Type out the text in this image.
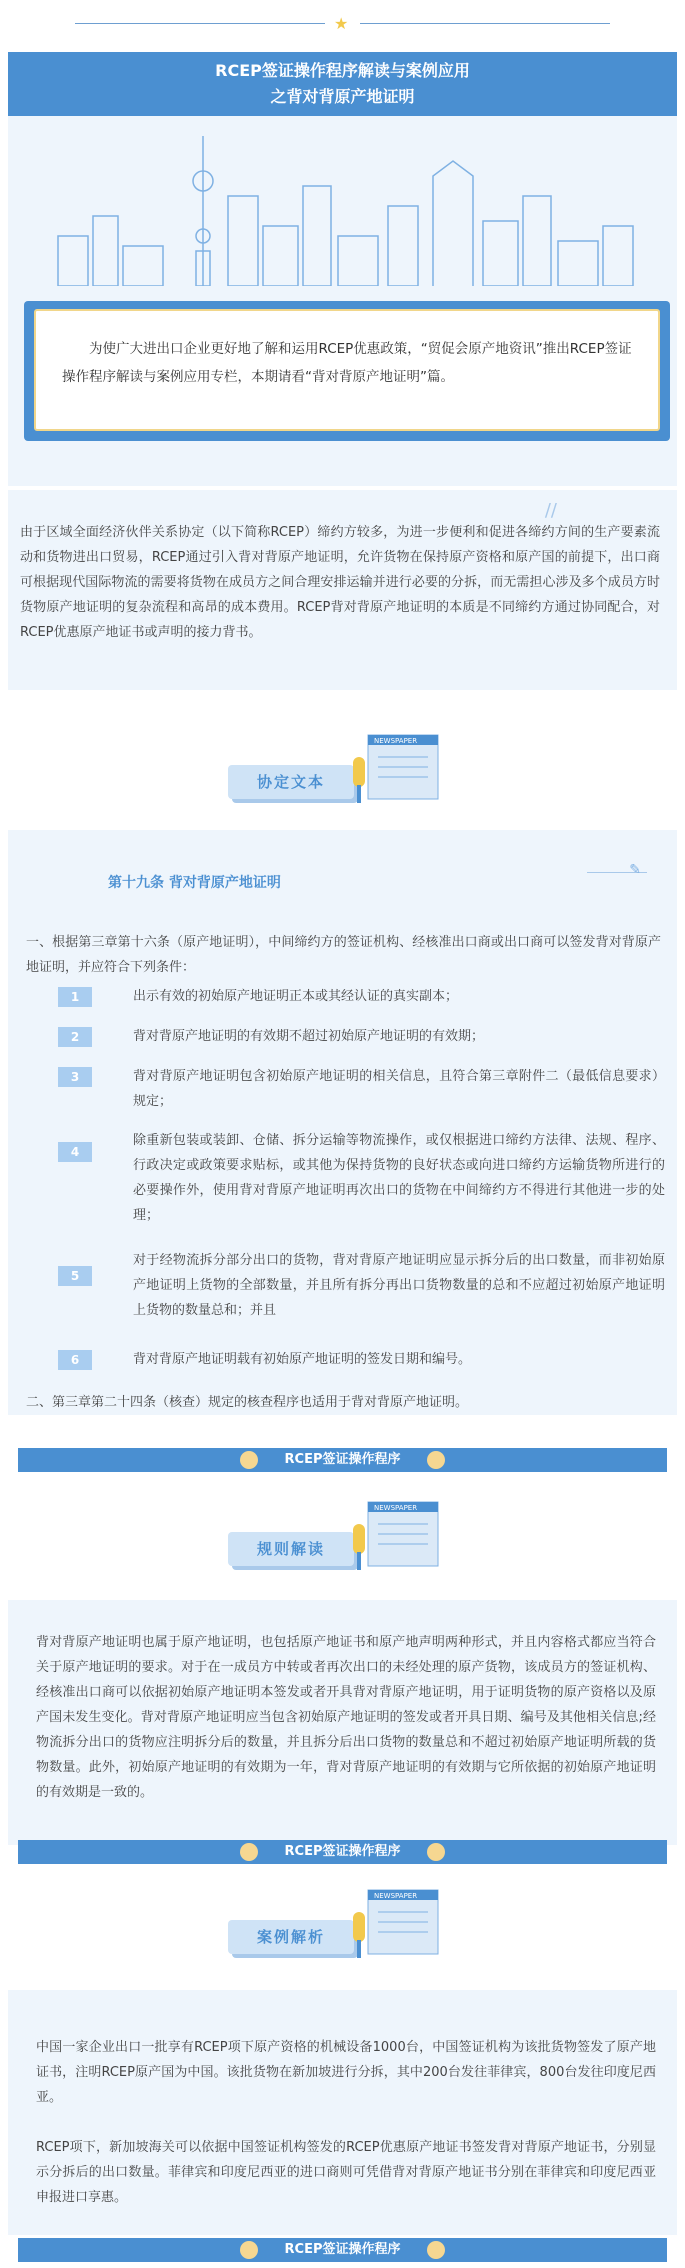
★
RCEP签证操作程序解读与案例应用
之背对背原产地证明
为使广大进出口企业更好地了解和运用RCEP优惠政策，“贸促会原产地资讯”推出RCEP签证操作程序解读与案例应用专栏，本期请看“背对背原产地证明”篇。
//
由于区域全面经济伙伴关系协定（以下简称RCEP）缔约方较多，为进一步便利和促进各缔约方间的生产要素流动和货物进出口贸易，RCEP通过引入背对背原产地证明，允许货物在保持原产资格和原产国的前提下，出口商可根据现代国际物流的需要将货物在成员方之间合理安排运输并进行必要的分拆，而无需担心涉及多个成员方时货物原产地证明的复杂流程和高昂的成本费用。RCEP背对背原产地证明的本质是不同缔约方通过协同配合，对RCEP优惠原产地证书或声明的接力背书。
协定文本
NEWSPAPER
第十九条 背对背原产地证明
✎
一、根据第三章第十六条（原产地证明），中间缔约方的签证机构、经核准出口商或出口商可以签发背对背原产地证明，并应符合下列条件：
1	出示有效的初始原产地证明正本或其经认证的真实副本；
2	背对背原产地证明的有效期不超过初始原产地证明的有效期；
3	背对背原产地证明包含初始原产地证明的相关信息，且符合第三章附件二（最低信息要求）规定；
4
除重新包装或装卸、仓储、拆分运输等物流操作，或仅根据进口缔约方法律、法规、程序、行政决定或政策要求贴标，或其他为保持货物的良好状态或向进口缔约方运输货物所进行的必要操作外，使用背对背原产地证明再次出口的货物在中间缔约方不得进行其他进一步的处理；
5
对于经物流拆分部分出口的货物，背对背原产地证明应显示拆分后的出口数量，而非初始原产地证明上货物的全部数量，并且所有拆分再出口货物数量的总和不应超过初始原产地证明上货物的数量总和；并且
6	背对背原产地证明载有初始原产地证明的签发日期和编号。
二、第三章第二十四条（核查）规定的核查程序也适用于背对背原产地证明。
RCEP签证操作程序
规则解读
NEWSPAPER
背对背原产地证明也属于原产地证明，也包括原产地证书和原产地声明两种形式，并且内容格式都应当符合关于原产地证明的要求。对于在一成员方中转或者再次出口的未经处理的原产货物，该成员方的签证机构、经核准出口商可以依据初始原产地证明本签发或者开具背对背原产地证明，用于证明货物的原产资格以及原产国未发生变化。背对背原产地证明应当包含初始原产地证明的签发或者开具日期、编号及其他相关信息;经物流拆分出口的货物应注明拆分后的数量，并且拆分后出口货物的数量总和不超过初始原产地证明所载的货物数量。此外，初始原产地证明的有效期为一年，背对背原产地证明的有效期与它所依据的初始原产地证明的有效期是一致的。
RCEP签证操作程序
案例解析
NEWSPAPER
中国一家企业出口一批享有RCEP项下原产资格的机械设备1000台，中国签证机构为该批货物签发了原产地证书，注明RCEP原产国为中国。该批货物在新加坡进行分拆，其中200台发往菲律宾，800台发往印度尼西亚。
RCEP项下，新加坡海关可以依据中国签证机构签发的RCEP优惠原产地证书签发背对背原产地证书，分别显示分拆后的出口数量。菲律宾和印度尼西亚的进口商则可凭借背对背原产地证书分别在菲律宾和印度尼西亚申报进口享惠。
RCEP签证操作程序
